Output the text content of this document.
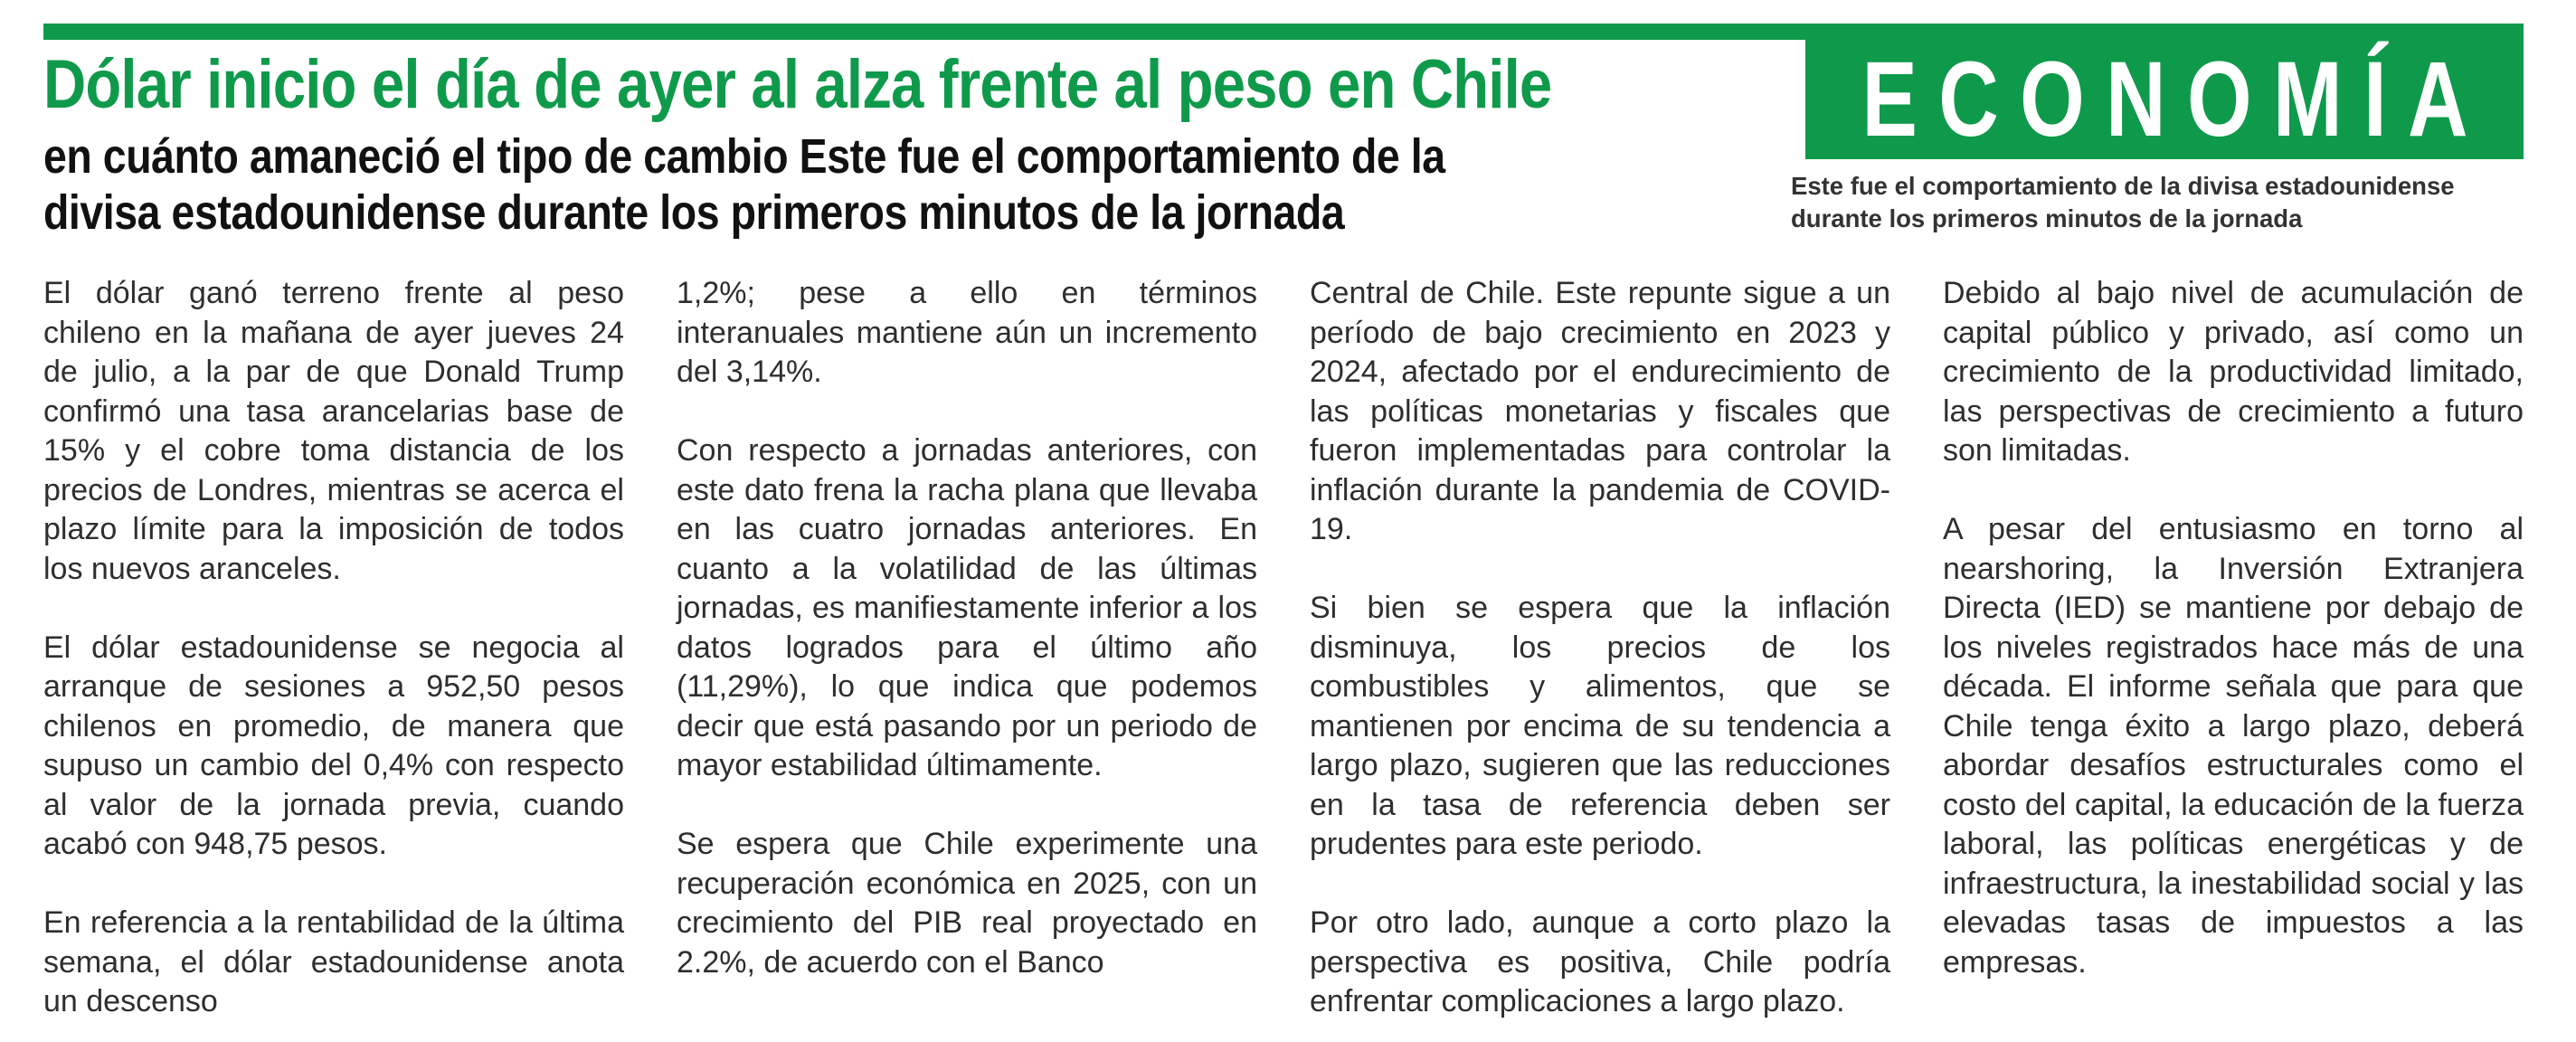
ECONOMÍA
Este fue el comportamiento de la divisa estadounidense durante los primeros minutos de la jornada
Dólar inicio el día de ayer al alza frente al peso en Chile
en cuánto amaneció el tipo de cambio Este fue el comportamiento de la divisa estadounidense durante los primeros minutos de la jornada

El dólar ganó terreno frente al peso chileno en la mañana de ayer jueves 24 de julio, a la par de que Donald Trump confirmó una tasa arancelarias base de 15% y el cobre toma distancia de los precios de Londres, mientras se acerca el plazo límite para la imposición de todos los nuevos aranceles.

El dólar estadounidense se negocia al arranque de sesiones a 952,50 pesos chilenos en promedio, de manera que supuso un cambio del 0,4% con respecto al valor de la jornada previa, cuando acabó con 948,75 pesos.

En referencia a la rentabilidad de la última semana, el dólar estadounidense anota un descenso

1,2%; pese a ello en términos interanuales mantiene aún un incremento del 3,14%.

Con respecto a jornadas anteriores, con este dato frena la racha plana que llevaba en las cuatro jornadas anteriores. En cuanto a la volatilidad de las últimas jornadas, es manifiestamente inferior a los datos logrados para el último año (11,29%), lo que indica que podemos decir que está pasando por un periodo de mayor estabilidad últimamente.

Se espera que Chile experimente una recuperación económica en 2025, con un crecimiento del PIB real proyectado en 2.2%, de acuerdo con el Banco

Central de Chile. Este repunte sigue a un período de bajo crecimiento en 2023 y 2024, afectado por el endurecimiento de las políticas monetarias y fiscales que fueron implementadas para controlar la inflación durante la pandemia de COVID-19.

Si bien se espera que la inflación disminuya, los precios de los combustibles y alimentos, que se mantienen por encima de su tendencia a largo plazo, sugieren que las reducciones en la tasa de referencia deben ser prudentes para este periodo.

Por otro lado, aunque a corto plazo la perspectiva es positiva, Chile podría enfrentar complicaciones a largo plazo.

Debido al bajo nivel de acumulación de capital público y privado, así como un crecimiento de la productividad limitado, las perspectivas de crecimiento a futuro son limitadas.

A pesar del entusiasmo en torno al nearshoring, la Inversión Extranjera Directa (IED) se mantiene por debajo de los niveles registrados hace más de una década. El informe señala que para que Chile tenga éxito a largo plazo, deberá abordar desafíos estructurales como el costo del capital, la educación de la fuerza laboral, las políticas energéticas y de infraestructura, la inestabilidad social y las elevadas tasas de impuestos a las empresas.
